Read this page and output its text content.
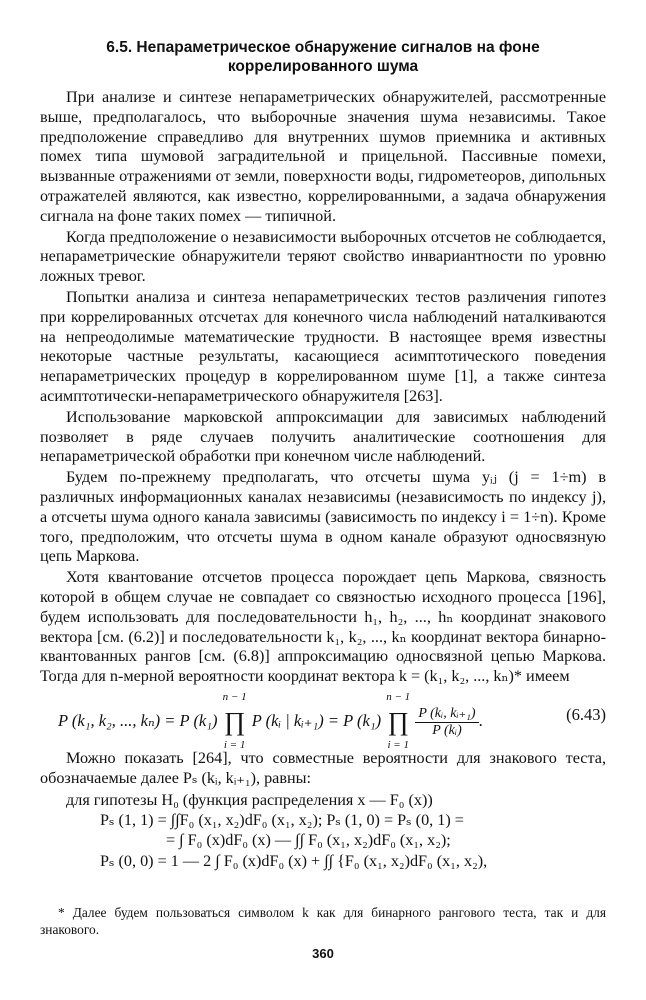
6.5. Непараметрическое обнаружение сигналов на фоне
коррелированного шума

При анализе и синтезе непараметрических обнаружителей, рассмотренные выше, предполагалось, что выборочные значения шума независимы. Такое предположение справедливо для внутренних шумов приемника и активных помех типа шумовой заградительной и прицельной. Пассивные помехи, вызванные отражениями от земли, поверхности воды, гидрометеоров, дипольных отражателей являются, как известно, коррелированными, а задача обнаружения сигнала на фоне таких помех — типичной.

Когда предположение о независимости выборочных отсчетов не соблюдается, непараметрические обнаружители теряют свойство инвариантности по уровню ложных тревог.

Попытки анализа и синтеза непараметрических тестов различения гипотез при коррелированных отсчетах для конечного числа наблюдений наталкиваются на непреодолимые математические трудности. В настоящее время известны некоторые частные результаты, касающиеся асимптотического поведения непараметрических процедур в коррелированном шуме [1], а также синтеза асимптотически-непараметрического обнаружителя [263].

Использование марковской аппроксимации для зависимых наблюдений позволяет в ряде случаев получить аналитические соотношения для непараметрической обработки при конечном числе наблюдений.

Будем по-прежнему предполагать, что отсчеты шума yᵢⱼ (j = 1÷m) в различных информационных каналах независимы (независимость по индексу j), а отсчеты шума одного канала зависимы (зависимость по индексу i = 1÷n). Кроме того, предположим, что отсчеты шума в одном канале образуют односвязную цепь Маркова.

Хотя квантование отсчетов процесса порождает цепь Маркова, связность которой в общем случае не совпадает со связностью исходного процесса [196], будем использовать для последовательности h₁, h₂, ..., hₙ координат знакового вектора [см. (6.2)] и последовательности k₁, k₂, ..., kₙ координат вектора бинарно-квантованных рангов [см. (6.8)] аппроксимацию односвязной цепью Маркова. Тогда для n-мерной вероятности координат вектора k = (k₁, k₂, ..., kₙ)* имеем

P (k₁, k₂, ..., kₙ) = P (k₁) ∏
n − 1
i = 1
P (kᵢ | kᵢ₊₁) = P (k₁) ∏
n − 1
i = 1

$\frac{\text{P (kᵢ, kᵢ₊₁)}}{\text{P (kᵢ)}}$ .	(6.43)

Можно показать [264], что совместные вероятности для знакового теста, обозначаемые далее Pₛ (kᵢ, kᵢ₊₁), равны:

для гипотезы H₀ (функция распределения x — F₀ (x))
Pₛ (1, 1) = ∫∫F₀ (x₁, x₂)dF₀ (x₁, x₂); Pₛ (1, 0) = Pₛ (0, 1) =
= ∫ F₀ (x)dF₀ (x) — ∫∫ F₀ (x₁, x₂)dF₀ (x₁, x₂);
Pₛ (0, 0) = 1 — 2 ∫ F₀ (x)dF₀ (x) + ∫∫ {F₀ (x₁, x₂)dF₀ (x₁, x₂),
* Далее будем пользоваться символом k как для бинарного рангового теста, так и для знакового.
360
